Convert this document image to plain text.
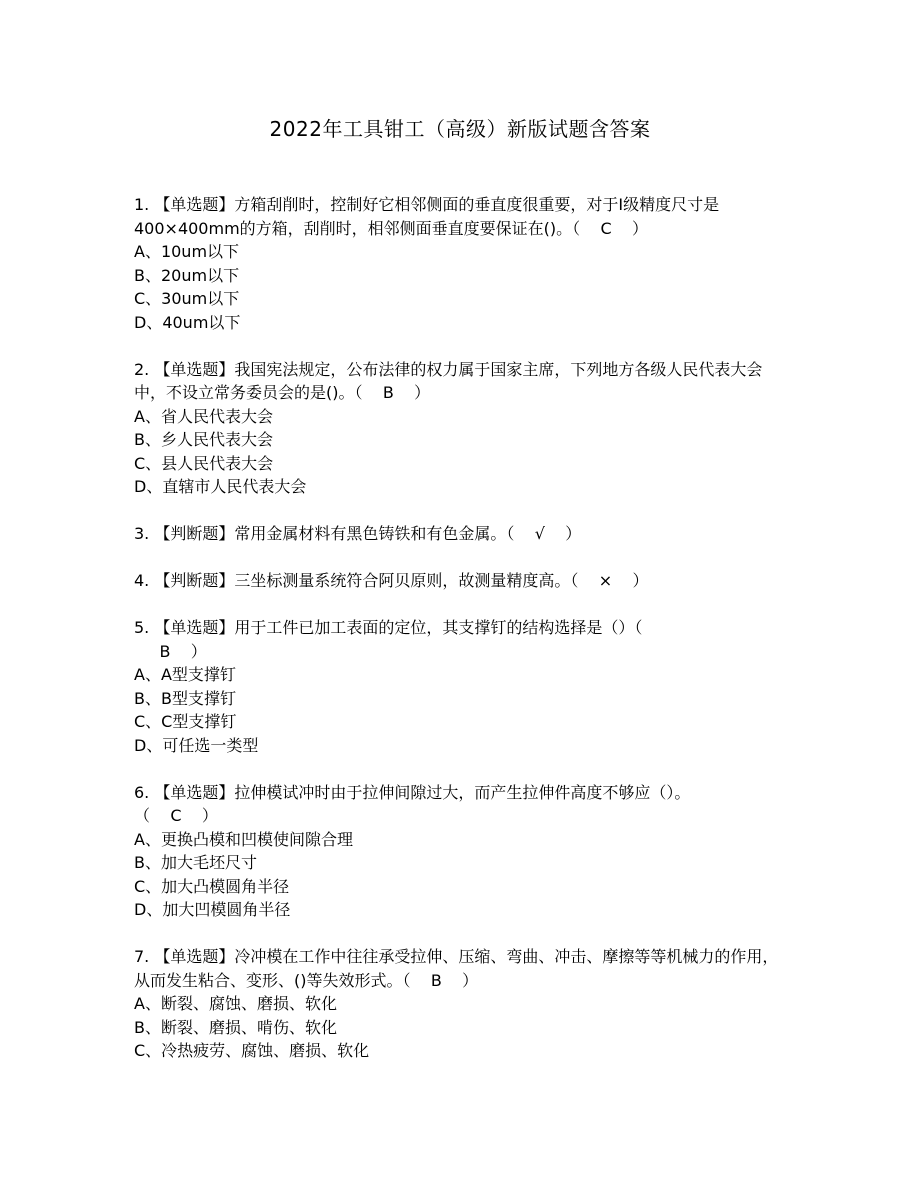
2022年工具钳工（高级）新版试题含答案

1. 【单选题】方箱刮削时，控制好它相邻侧面的垂直度很重要，对于Ⅰ级精度尺寸是400×400mm的方箱，刮削时，相邻侧面垂直度要保证在()。（    C    ）

A、10um以下

B、20um以下

C、30um以下

D、40um以下

2. 【单选题】我国宪法规定，公布法律的权力属于国家主席，下列地方各级人民代表大会中，不设立常务委员会的是()。（    B    ）

A、省人民代表大会

B、乡人民代表大会

C、县人民代表大会

D、直辖市人民代表大会

3. 【判断题】常用金属材料有黑色铸铁和有色金属。（    √    ）

4. 【判断题】三坐标测量系统符合阿贝原则，故测量精度高。（    ×    ）

5. 【单选题】用于工件已加工表面的定位，其支撑钉的结构选择是（）（
B    ）

A、A型支撑钉

B、B型支撑钉

C、C型支撑钉

D、可任选一类型

6. 【单选题】拉伸模试冲时由于拉伸间隙过大，而产生拉伸件高度不够应（）。
（    C    ）

A、更换凸模和凹模使间隙合理

B、加大毛坯尺寸

C、加大凸模圆角半径

D、加大凹模圆角半径

7. 【单选题】冷冲模在工作中往往承受拉伸、压缩、弯曲、冲击、摩擦等等机械力的作用，从而发生粘合、变形、()等失效形式。（    B    ）

A、断裂、腐蚀、磨损、软化

B、断裂、磨损、啃伤、软化

C、冷热疲劳、腐蚀、磨损、软化
